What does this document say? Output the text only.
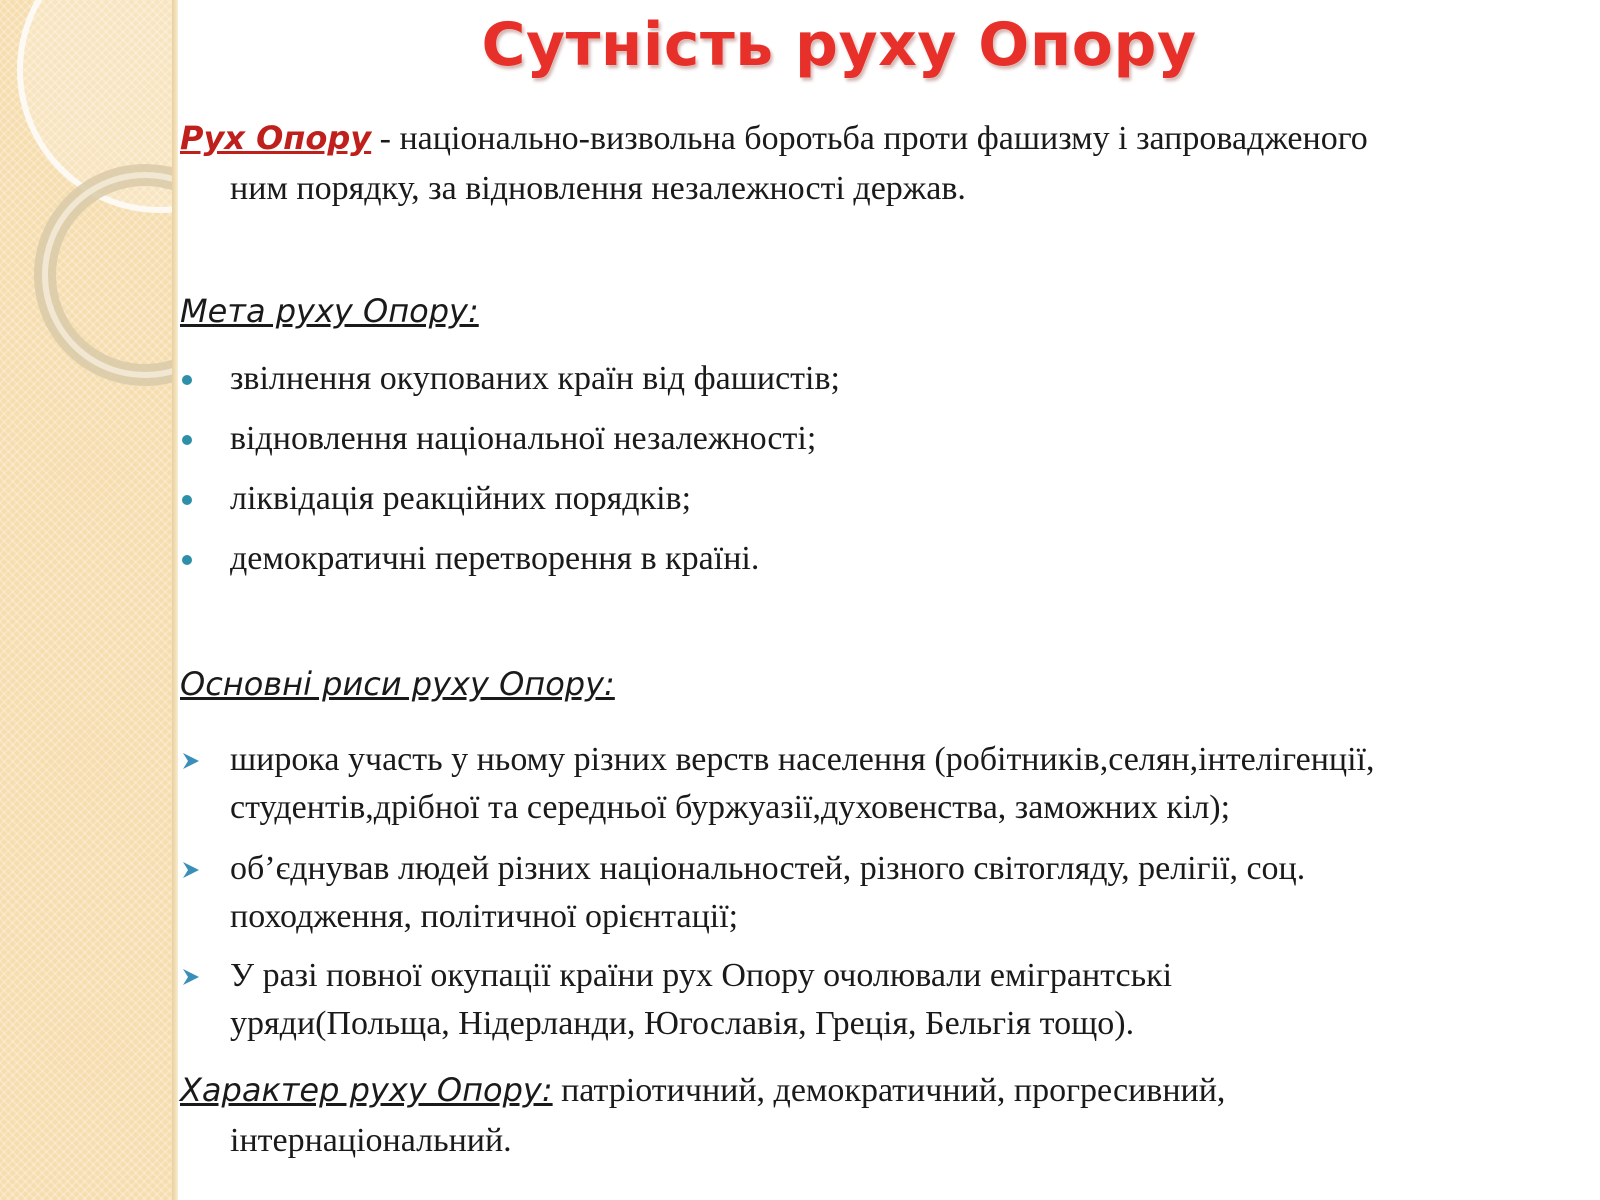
Сутність руху Опору
Рух Опору - національно-визвольна боротьба проти фашизму і запровадженого
ним порядку, за відновлення незалежності держав.
Мета руху Опору:
звілнення окупованих країн від фашистів;
відновлення національної незалежності;
ліквідація реакційних порядків;
демократичні перетворення в країні.
Основні риси руху Опору:
широка участь у ньому різних верств населення (робітників,селян,інтелігенції,
студентів,дрібної та середньої буржуазії,духовенства, заможних кіл);
об’єднував людей різних національностей, різного світогляду, релігії, соц.
походження, політичної орієнтації;
У разі повної окупації країни рух Опору очолювали емігрантські
уряди(Польща, Нідерланди, Югославія, Греція, Бельгія тощо).
Характер руху Опору: патріотичний, демократичний, прогресивний,
інтернаціональний.
